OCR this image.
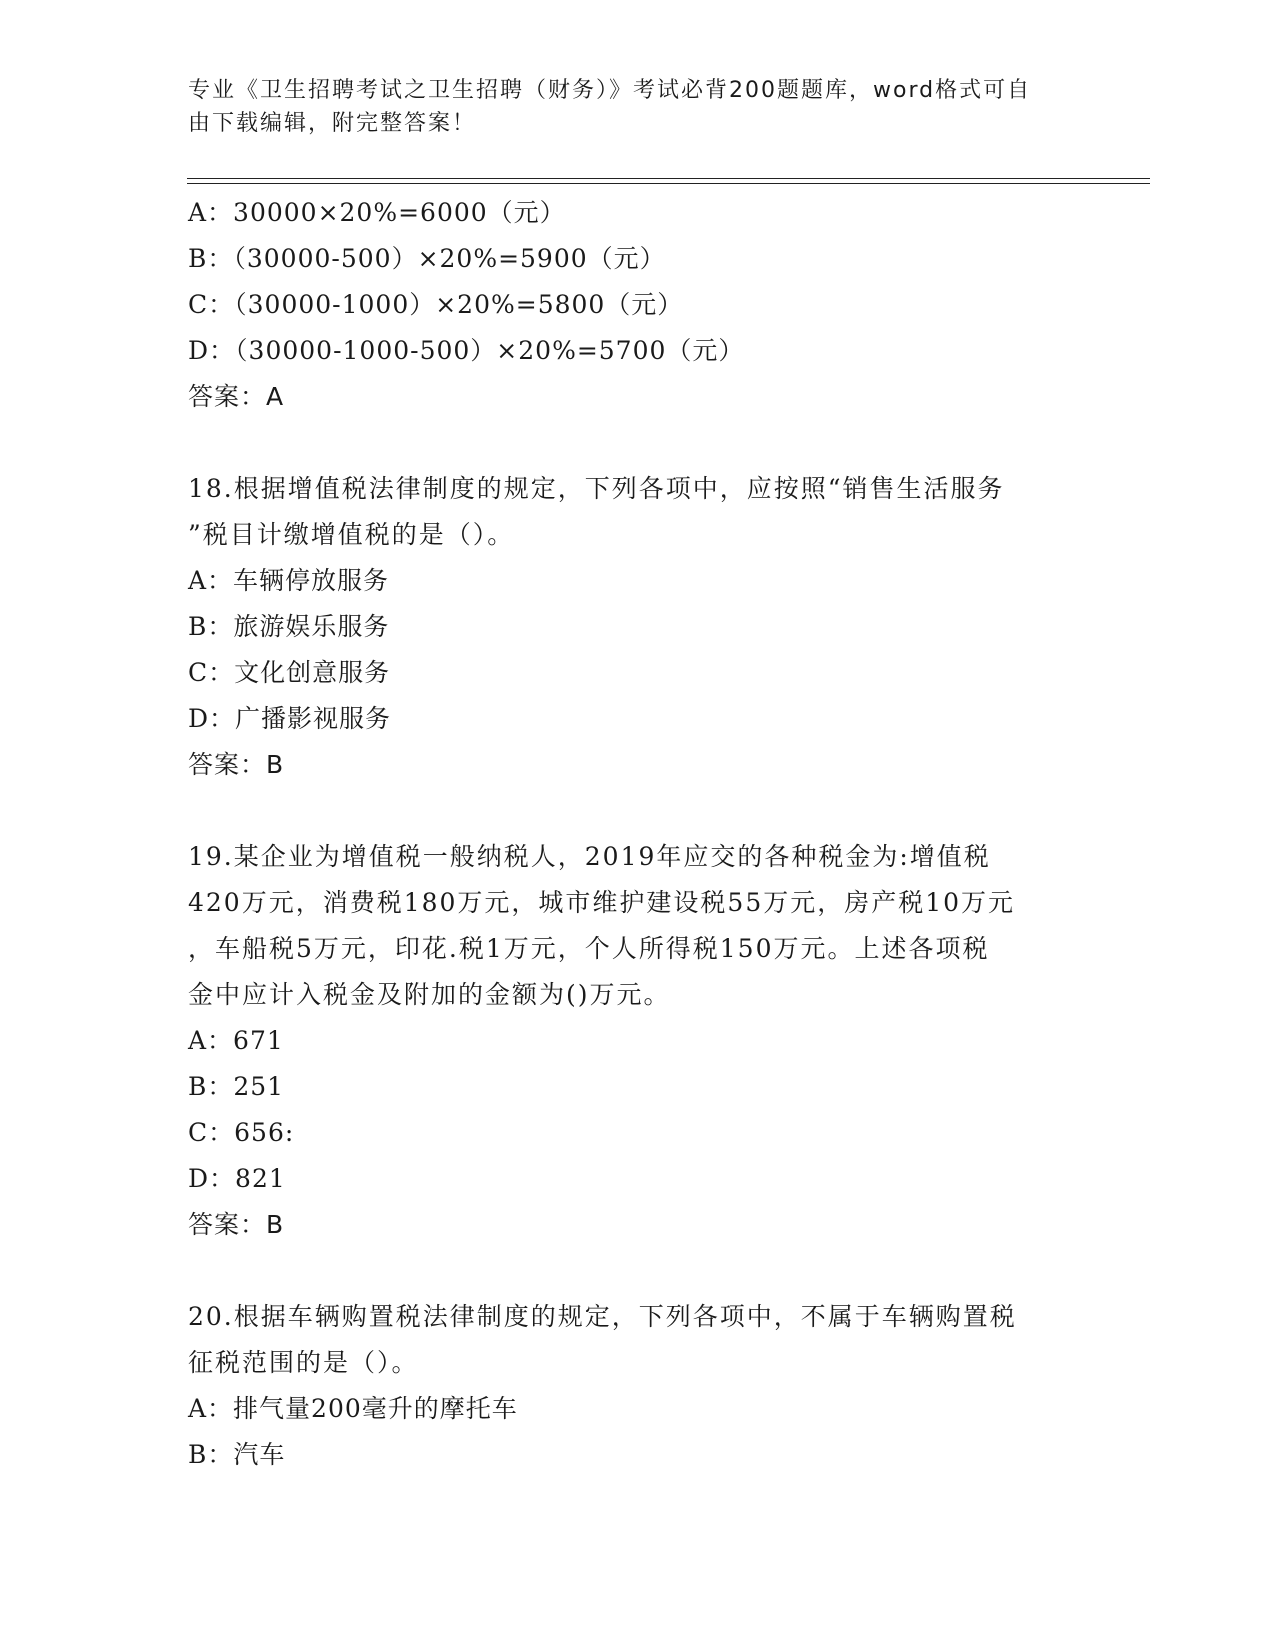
专业《卫生招聘考试之卫生招聘（财务）》考试必背200题题库，word格式可自
由下载编辑，附完整答案！
A：30000×20%=6000（元）
B：（30000-500）×20%=5900（元）
C：（30000-1000）×20%=5800（元）
D：（30000-1000-500）×20%=5700（元）
答案：A
18.根据增值税法律制度的规定，下列各项中，应按照“销售生活服务
”税目计缴增值税的是（）。
A：车辆停放服务
B：旅游娱乐服务
C：文化创意服务
D：广播影视服务
答案：B
19.某企业为增值税一般纳税人，2019年应交的各种税金为:增值税
420万元，消费税180万元，城市维护建设税55万元，房产税10万元
，车船税5万元，印花.税1万元，个人所得税150万元。上述各项税
金中应计入税金及附加的金额为()万元。
A：671
B：251
C：656:
D：821
答案：B
20.根据车辆购置税法律制度的规定，下列各项中，不属于车辆购置税
征税范围的是（）。
A：排气量200毫升的摩托车
B：汽车
